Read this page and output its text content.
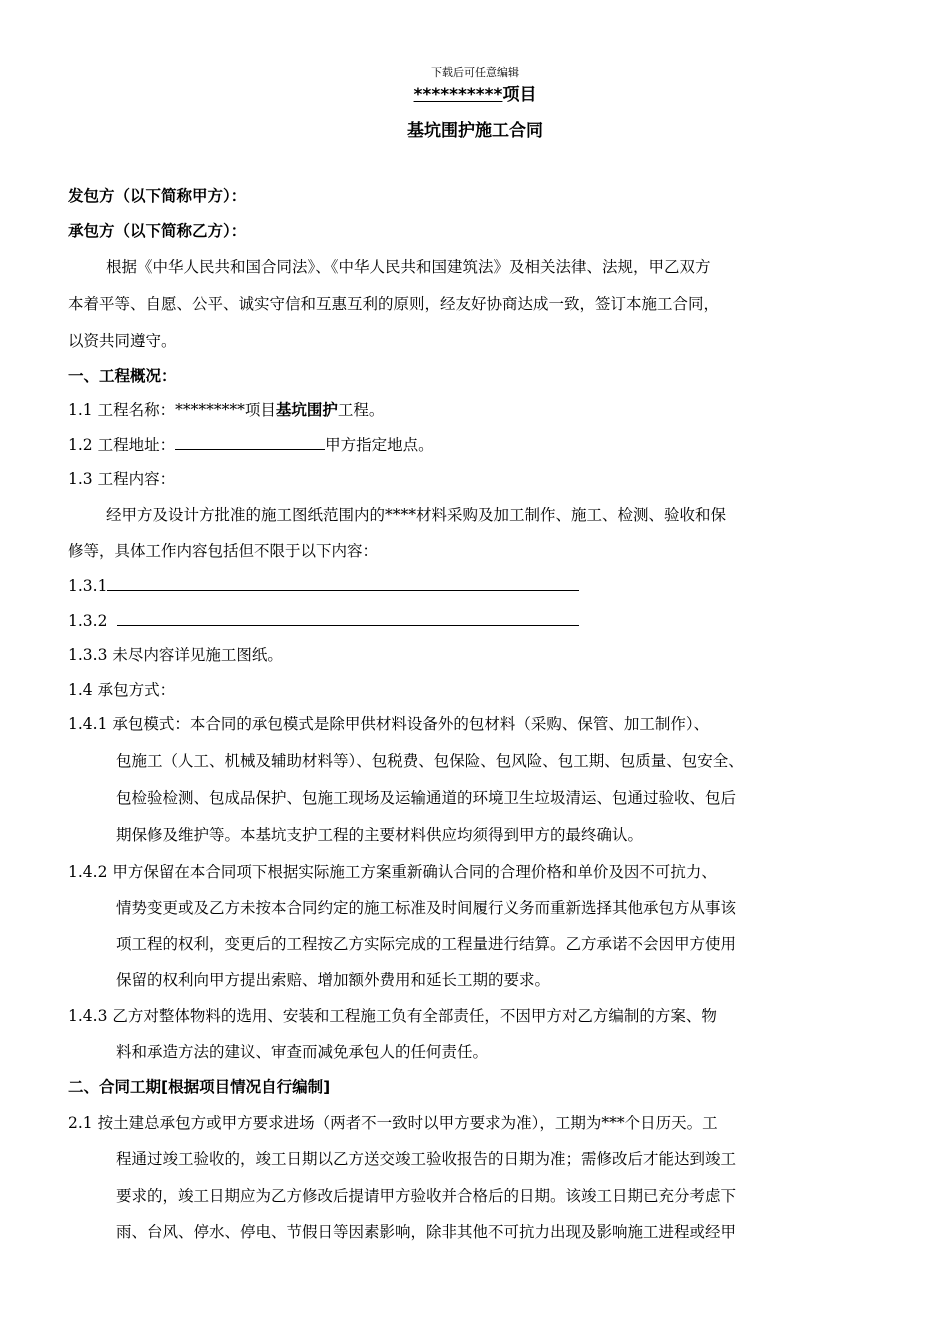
下载后可任意编辑
**********项目
基坑围护施工合同
发包方（以下简称甲方）：
承包方（以下简称乙方）：
根据《中华人民共和国合同法》、《中华人民共和国建筑法》及相关法律、法规，甲乙双方
本着平等、自愿、公平、诚实守信和互惠互利的原则，经友好协商达成一致，签订本施工合同，
以资共同遵守。
一、工程概况：
1.1 工程名称：*********项目基坑围护工程。
1.2 工程地址：	甲方指定地点。
1.3 工程内容：
经甲方及设计方批准的施工图纸范围内的****材料采购及加工制作、施工、检测、验收和保
修等，具体工作内容包括但不限于以下内容：
1.3.1
1.3.2
1.3.3 未尽内容详见施工图纸。
1.4 承包方式：
1.4.1 承包模式：本合同的承包模式是除甲供材料设备外的包材料（采购、保管、加工制作）、
包施工（人工、机械及辅助材料等）、包税费、包保险、包风险、包工期、包质量、包安全、
包检验检测、包成品保护、包施工现场及运输通道的环境卫生垃圾清运、包通过验收、包后
期保修及维护等。本基坑支护工程的主要材料供应均须得到甲方的最终确认。
1.4.2 甲方保留在本合同项下根据实际施工方案重新确认合同的合理价格和单价及因不可抗力、
情势变更或及乙方未按本合同约定的施工标准及时间履行义务而重新选择其他承包方从事该
项工程的权利，变更后的工程按乙方实际完成的工程量进行结算。乙方承诺不会因甲方使用
保留的权利向甲方提出索赔、增加额外费用和延长工期的要求。
1.4.3 乙方对整体物料的选用、安装和工程施工负有全部责任，不因甲方对乙方编制的方案、物
料和承造方法的建议、审查而减免承包人的任何责任。
二、合同工期[根据项目情况自行编制]
2.1 按土建总承包方或甲方要求进场（两者不一致时以甲方要求为准），工期为***个日历天。工
程通过竣工验收的，竣工日期以乙方送交竣工验收报告的日期为准；需修改后才能达到竣工
要求的，竣工日期应为乙方修改后提请甲方验收并合格后的日期。该竣工日期已充分考虑下
雨、台风、停水、停电、节假日等因素影响，除非其他不可抗力出现及影响施工进程或经甲
